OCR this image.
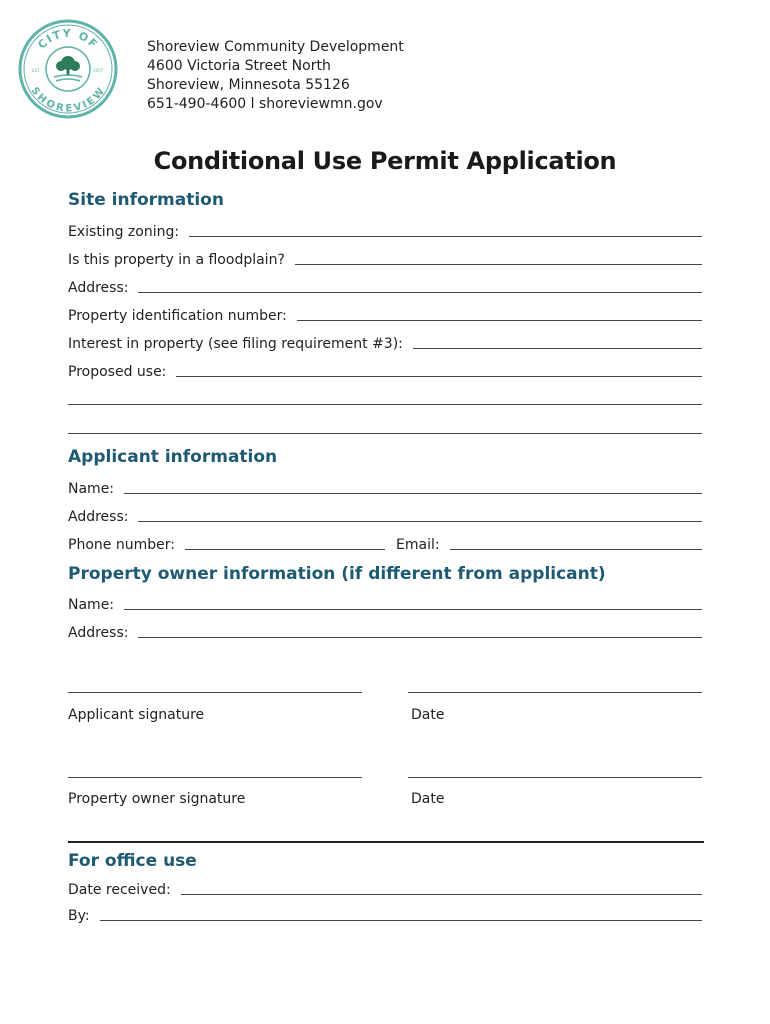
CITY OF
SHOREVIEW
EST.	1957
Shoreview Community Development
4600 Victoria Street North
Shoreview, Minnesota 55126
651-490-4600 l shoreviewmn.gov
Conditional Use Permit Application
Site information
Existing zoning:
Is this property in a floodplain?
Address:
Property identification number:
Interest in property (see filing requirement #3):
Proposed use:
Applicant information
Name:
Address:
Phone number:	Email:
Property owner information (if different from applicant)
Name:
Address:
Applicant signature	Date
Property owner signature	Date
For office use
Date received:
By:
